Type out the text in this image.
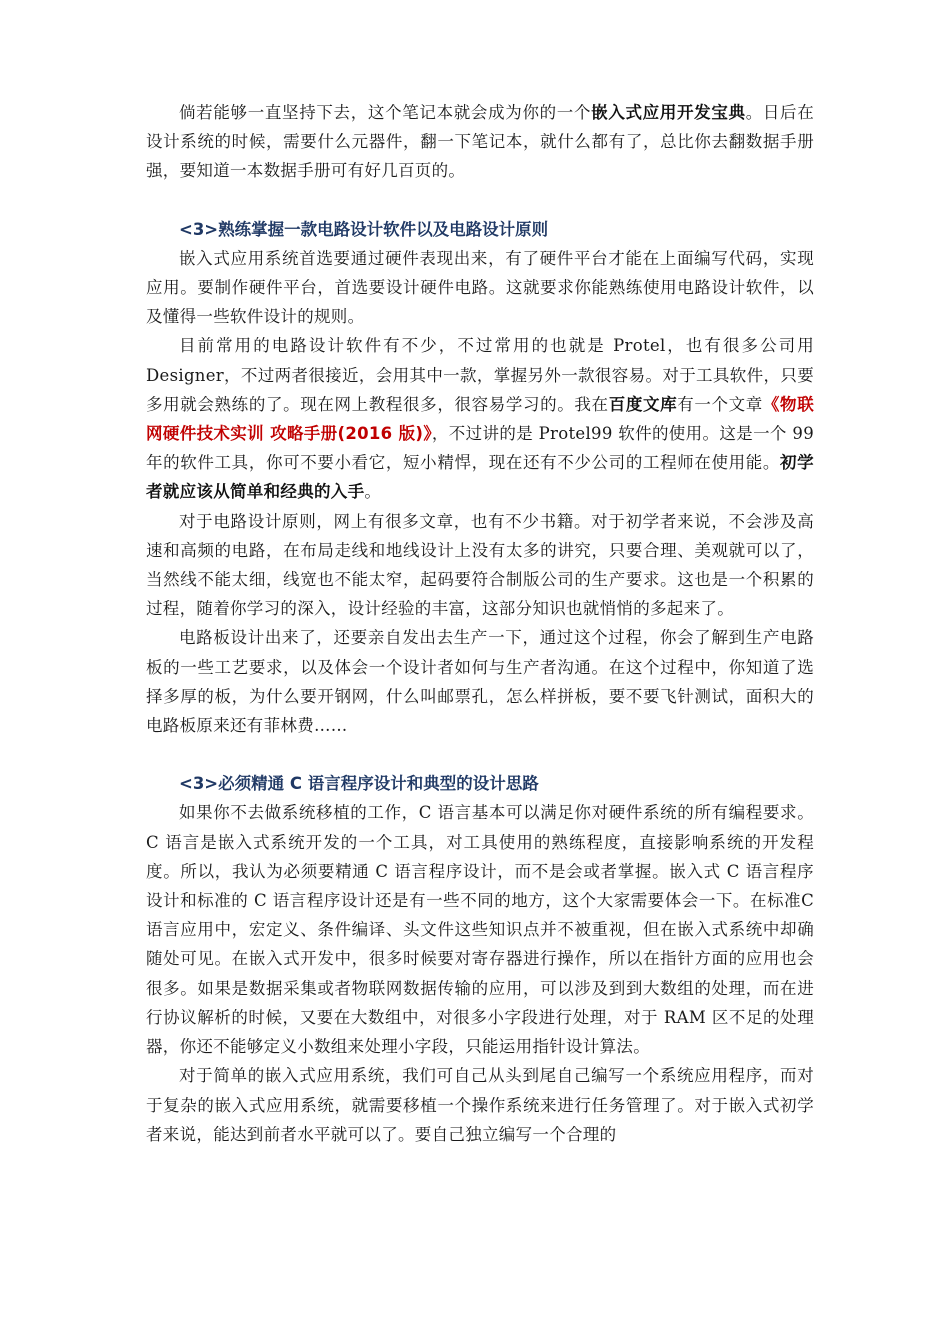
倘若能够一直坚持下去，这个笔记本就会成为你的一个嵌入式应用开发宝典。日后在设计系统的时候，需要什么元器件，翻一下笔记本，就什么都有了，总比你去翻数据手册强，要知道一本数据手册可有好几百页的。

<3>熟练掌握一款电路设计软件以及电路设计原则

嵌入式应用系统首选要通过硬件表现出来，有了硬件平台才能在上面编写代码，实现应用。要制作硬件平台，首选要设计硬件电路。这就要求你能熟练使用电路设计软件，以及懂得一些软件设计的规则。

目前常用的电路设计软件有不少，不过常用的也就是 Protel，也有很多公司用 Designer，不过两者很接近，会用其中一款，掌握另外一款很容易。对于工具软件，只要多用就会熟练的了。现在网上教程很多，很容易学习的。我在百度文库有一个文章《物联网硬件技术实训 攻略手册(2016 版)》，不过讲的是 Protel99 软件的使用。这是一个 99 年的软件工具，你可不要小看它，短小精悍，现在还有不少公司的工程师在使用能。初学者就应该从简单和经典的入手。

对于电路设计原则，网上有很多文章，也有不少书籍。对于初学者来说，不会涉及高速和高频的电路，在布局走线和地线设计上没有太多的讲究，只要合理、美观就可以了，当然线不能太细，线宽也不能太窄，起码要符合制版公司的生产要求。这也是一个积累的过程，随着你学习的深入，设计经验的丰富，这部分知识也就悄悄的多起来了。

电路板设计出来了，还要亲自发出去生产一下，通过这个过程，你会了解到生产电路板的一些工艺要求，以及体会一个设计者如何与生产者沟通。在这个过程中，你知道了选择多厚的板，为什么要开钢网，什么叫邮票孔，怎么样拼板，要不要飞针测试，面积大的电路板原来还有菲林费……

<3>必须精通 C 语言程序设计和典型的设计思路

如果你不去做系统移植的工作，C 语言基本可以满足你对硬件系统的所有编程要求。C 语言是嵌入式系统开发的一个工具，对工具使用的熟练程度，直接影响系统的开发程度。所以，我认为必须要精通 C 语言程序设计，而不是会或者掌握。嵌入式 C 语言程序设计和标准的 C 语言程序设计还是有一些不同的地方，这个大家需要体会一下。在标准C 语言应用中，宏定义、条件编译、头文件这些知识点并不被重视，但在嵌入式系统中却确随处可见。在嵌入式开发中，很多时候要对寄存器进行操作，所以在指针方面的应用也会很多。如果是数据采集或者物联网数据传输的应用，可以涉及到到大数组的处理，而在进行协议解析的时候，又要在大数组中，对很多小字段进行处理，对于 RAM 区不足的处理器，你还不能够定义小数组来处理小字段，只能运用指针设计算法。

对于简单的嵌入式应用系统，我们可自己从头到尾自己编写一个系统应用程序，而对于复杂的嵌入式应用系统，就需要移植一个操作系统来进行任务管理了。对于嵌入式初学者来说，能达到前者水平就可以了。要自己独立编写一个合理的
